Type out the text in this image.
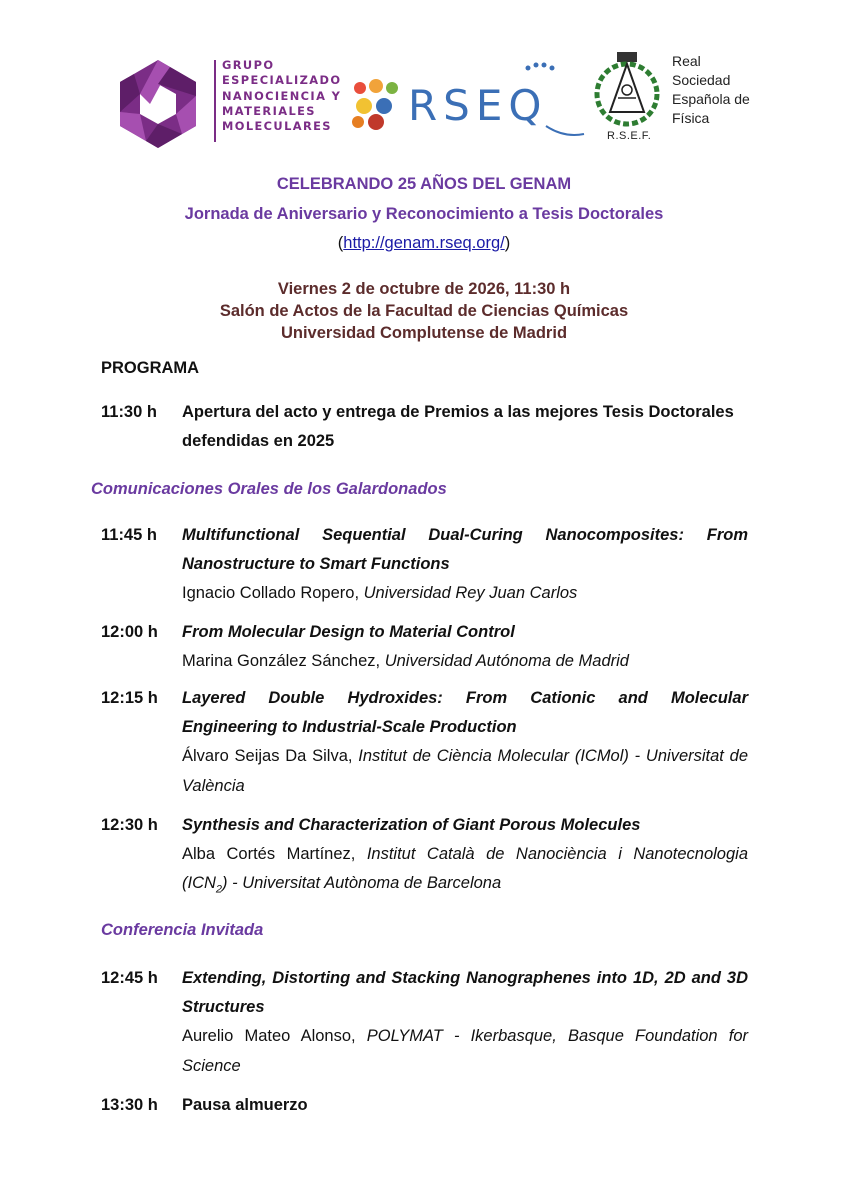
GRUPO
ESPECIALIZADO
NANOCIENCIA Y
MATERIALES
MOLECULARES RSEQ
R.S.E.F.
Real
Sociedad
Española de
Física
CELEBRANDO 25 AÑOS DEL GENAM
Jornada de Aniversario y Reconocimiento a Tesis Doctorales
(http://genam.rseq.org/)
Viernes 2 de octubre de 2026, 11:30 h
Salón de Actos de la Facultad de Ciencias Químicas
Universidad Complutense de Madrid
PROGRAMA
11:30 h Apertura del acto y entrega de Premios a las mejores Tesis Doctorales
defendidas en 2025
Comunicaciones Orales de los Galardonados
11:45 h Multifunctional Sequential Dual-Curing Nanocomposites: From
Nanostructure to Smart Functions
Ignacio Collado Ropero, Universidad Rey Juan Carlos
12:00 h From Molecular Design to Material Control
Marina González Sánchez, Universidad Autónoma de Madrid
12:15 h Layered Double Hydroxides: From Cationic and Molecular
Engineering to Industrial-Scale Production
Álvaro Seijas Da Silva, Institut de Ciència Molecular (ICMol) - Universitat de
València
12:30 h Synthesis and Characterization of Giant Porous Molecules
Alba Cortés Martínez, Institut Català de Nanociència i Nanotecnologia
$(ICN_2)$ - Universitat Autònoma de Barcelona
Conferencia Invitada
12:45 h Extending, Distorting and Stacking Nanographenes into 1D, 2D and 3D
Structures
Aurelio Mateo Alonso, POLYMAT - Ikerbasque, Basque Foundation for
Science
13:30 h Pausa almuerzo
